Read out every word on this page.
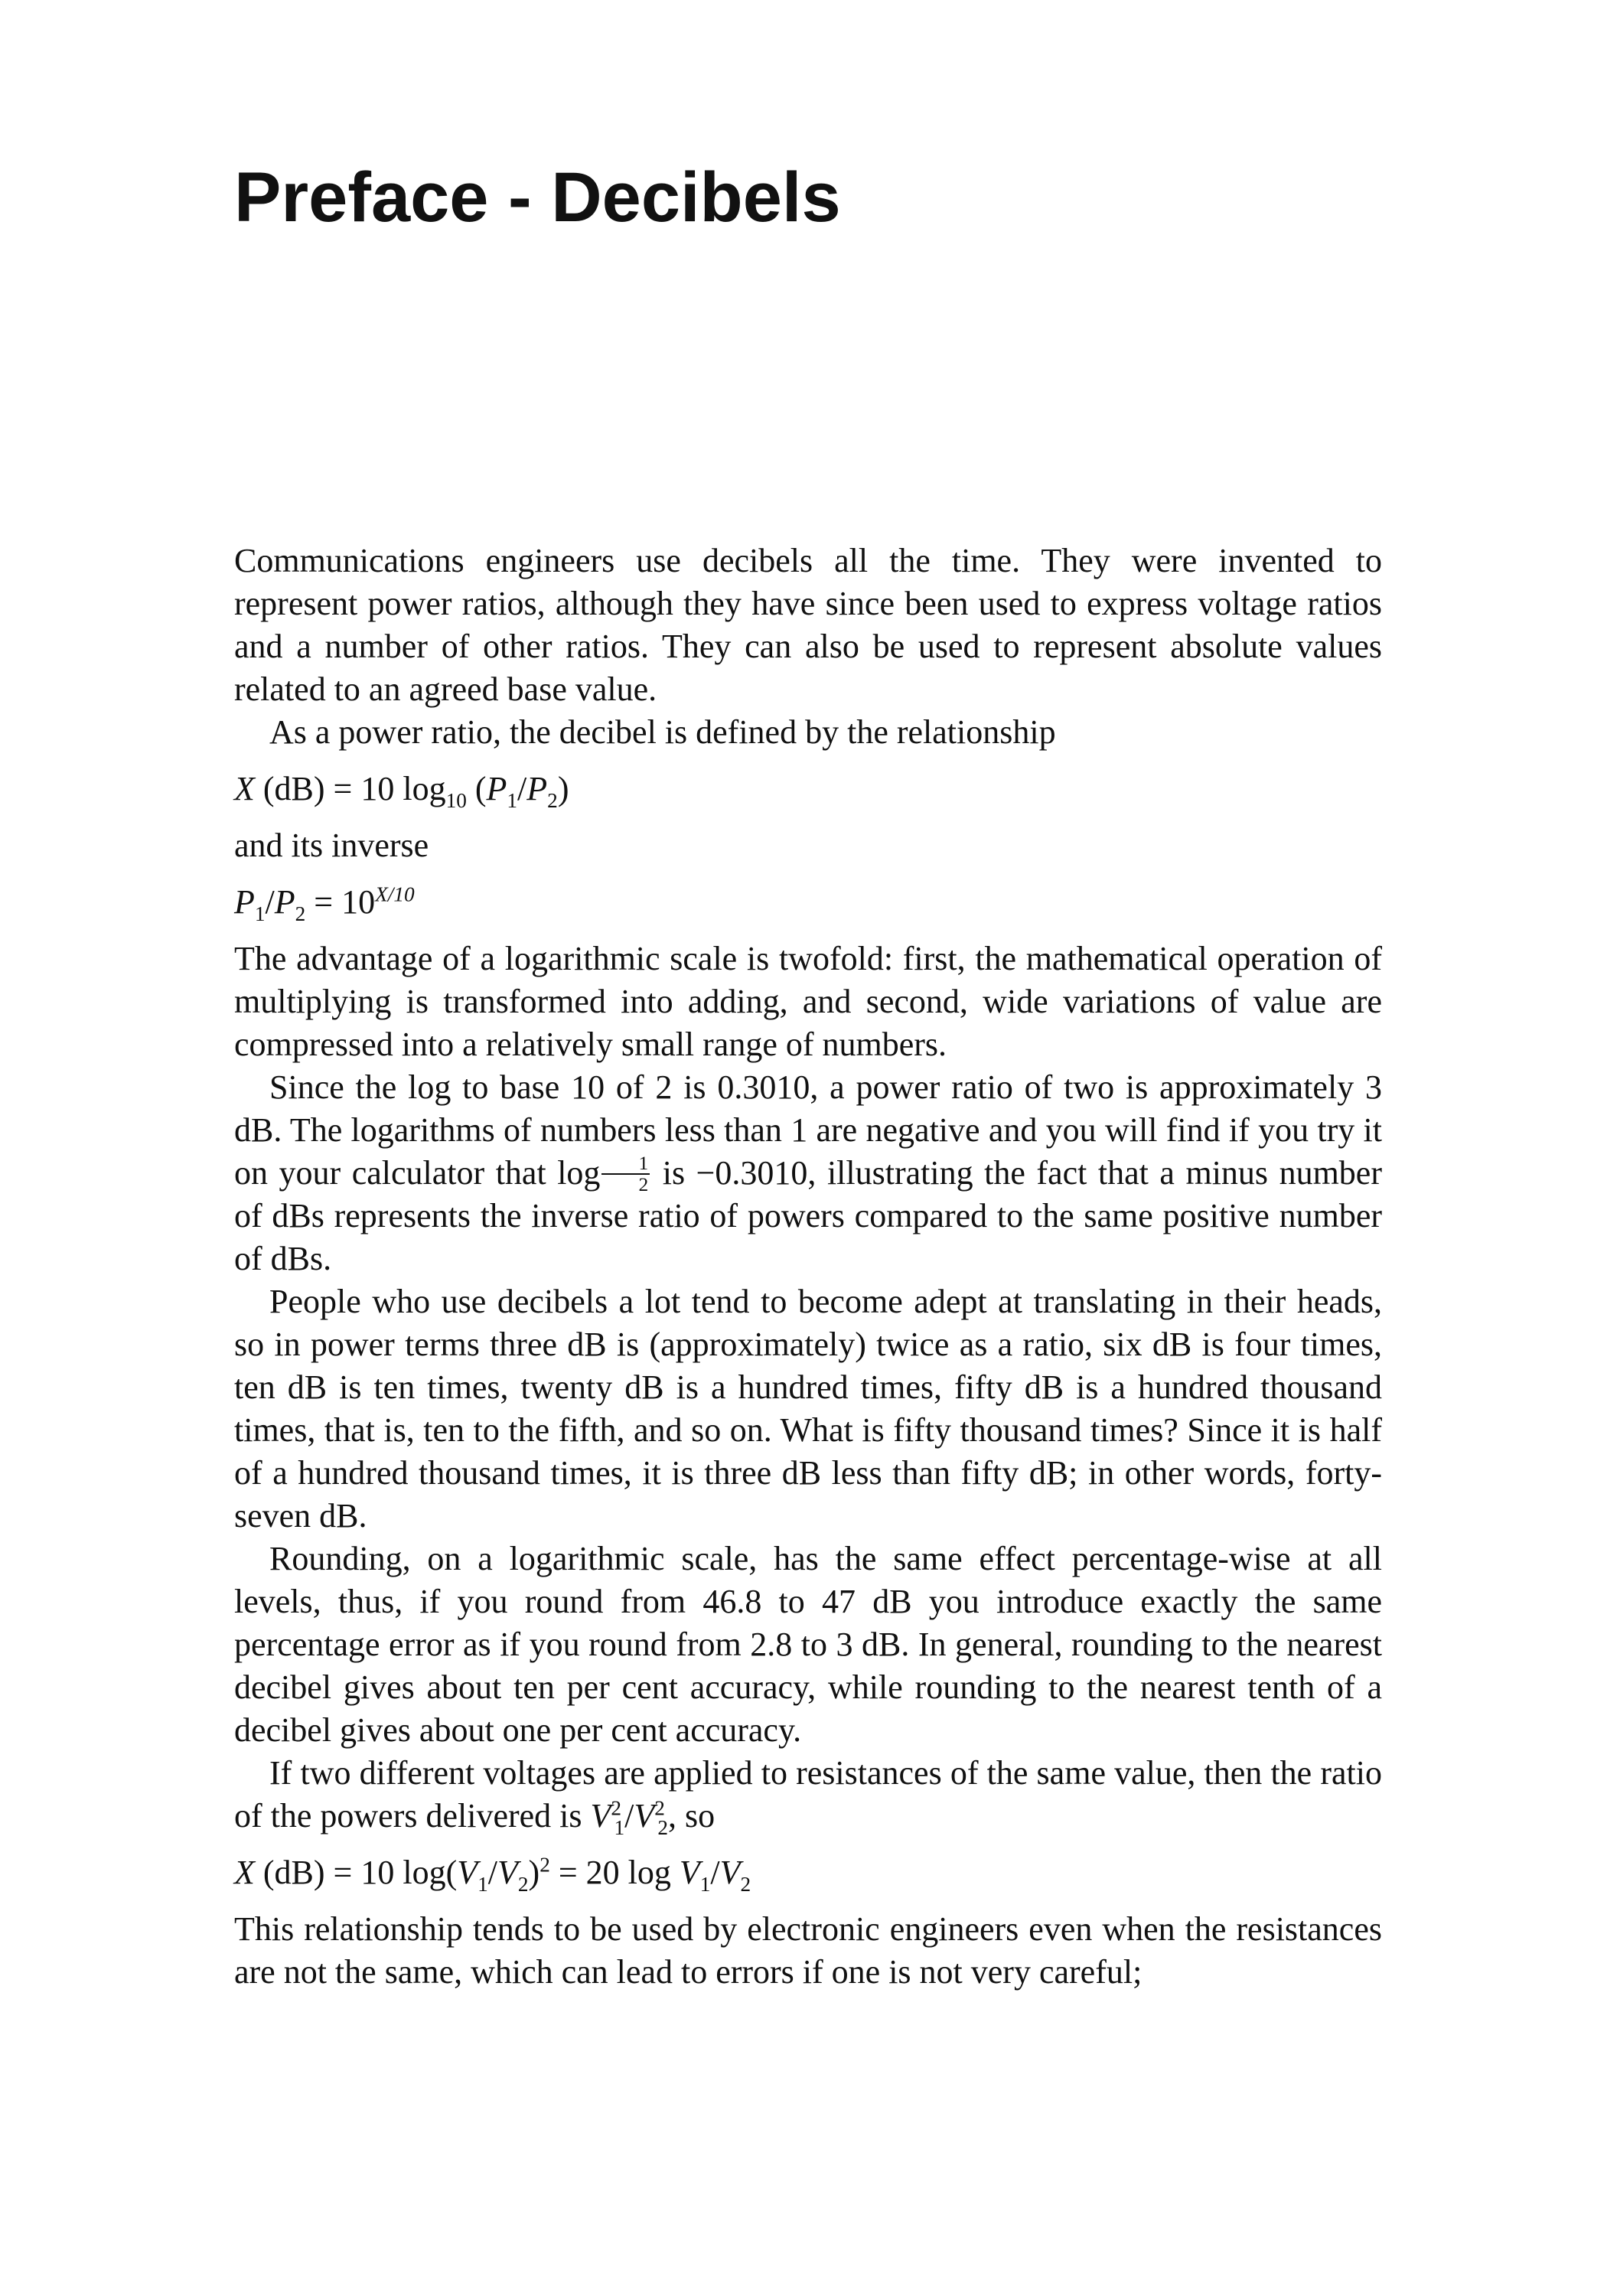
Preface - Decibels

Communications engineers use decibels all the time. They were invented to represent power ratios, although they have since been used to express voltage ratios and a number of other ratios. They can also be used to represent absolute values related to an agreed base value.

As a power ratio, the decibel is defined by the relationship

X (dB) = 10 $\log_{10} (P_1/P_2)$

and its inverse

$P_1/P_2 = 10^{X/10}$

The advantage of a logarithmic scale is twofold: first, the mathematical operation of multiplying is transformed into adding, and second, wide variations of value are compressed into a relatively small range of numbers.

Since the log to base 10 of 2 is 0.3010, a power ratio of two is approximately 3 dB. The logarithms of numbers less than 1 are negative and you will find if you try it on your calculator that $\log \frac{1}{2}$ is −0.3010, illustrating the fact that a minus number of dBs represents the inverse ratio of powers compared to the same positive number of dBs.

People who use decibels a lot tend to become adept at translating in their heads, so in power terms three dB is (approximately) twice as a ratio, six dB is four times, ten dB is ten times, twenty dB is a hundred times, fifty dB is a hundred thousand times, that is, ten to the fifth, and so on. What is fifty thousand times? Since it is half of a hundred thousand times, it is three dB less than fifty dB; in other words, forty-seven dB.

Rounding, on a logarithmic scale, has the same effect percentage-wise at all levels, thus, if you round from 46.8 to 47 dB you introduce exactly the same percentage error as if you round from 2.8 to 3 dB. In general, rounding to the nearest decibel gives about ten per cent accuracy, while rounding to the nearest tenth of a decibel gives about one per cent accuracy.

If two different voltages are applied to resistances of the same value, then the ratio of the powers delivered is $V^2_1/V^2_2$, so

X (dB) = 10 $\log(V_1/V_2)^2 = 20$ $\log V_1/V_2$

This relationship tends to be used by electronic engineers even when the resistances are not the same, which can lead to errors if one is not very careful;
